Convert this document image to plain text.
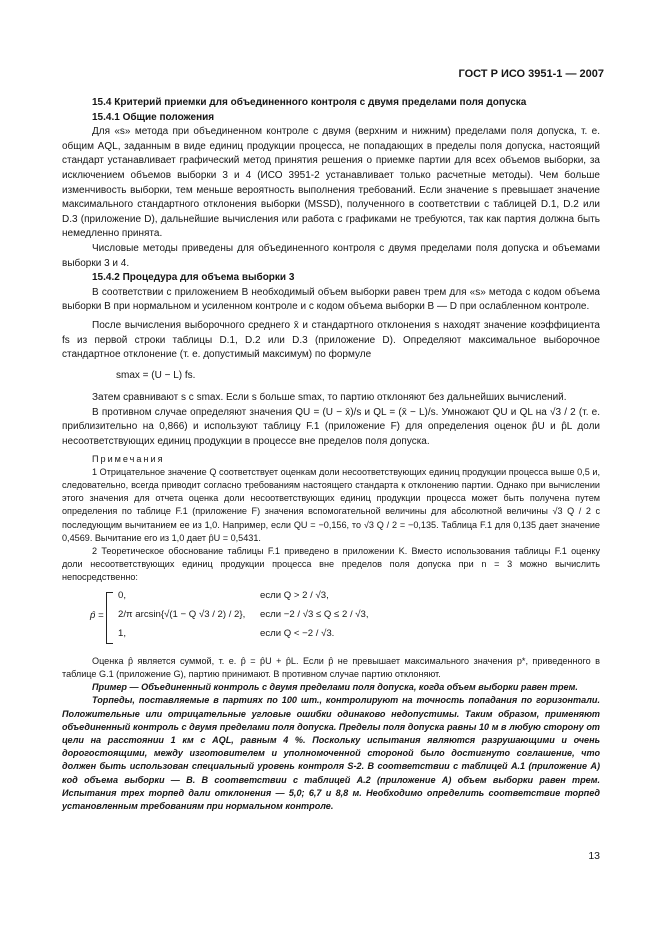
ГОСТ Р ИСО 3951-1 — 2007

15.4 Критерий приемки для объединенного контроля с двумя пределами поля допуска

15.4.1 Общие положения

Для «s» метода при объединенном контроле с двумя (верхним и нижним) пределами поля допуска, т. е. общим AQL, заданным в виде единиц продукции процесса, не попадающих в пределы поля допуска, настоящий стандарт устанавливает графический метод принятия решения о приемке партии для всех объемов выборки, за исключением объемов выборки 3 и 4 (ИСО 3951-2 устанавливает только расчетные методы). Чем больше изменчивость выборки, тем меньше вероятность выполнения требований. Если значение s превышает значение максимального стандартного отклонения выборки (MSSD), полученного в соответствии с таблицей D.1, D.2 или D.3 (приложение D), дальнейшие вычисления или работа с графиками не требуются, так как партия должна быть немедленно принята.

Числовые методы приведены для объединенного контроля с двумя пределами поля допуска и объемами выборки 3 и 4.

15.4.2 Процедура для объема выборки 3

В соответствии с приложением В необходимый объем выборки равен трем для «s» метода с кодом объема выборки В при нормальном и усиленном контроле и с кодом объема выборки В — D при ослабленном контроле.

После вычисления выборочного среднего x̄ и стандартного отклонения s находят значение коэффициента fs из первой строки таблицы D.1, D.2 или D.3 (приложение D). Определяют максимальное выборочное стандартное отклонение (т. е. допустимый максимум) по формуле

smax = (U − L) fs.

Затем сравнивают s с smax. Если s больше smax, то партию отклоняют без дальнейших вычислений.

В противном случае определяют значения QU = (U − x̄)/s и QL = (x̄ − L)/s. Умножают QU и QL на √3 / 2 (т. е. приблизительно на 0,866) и используют таблицу F.1 (приложение F) для определения оценок p̂U и p̂L доли несоответствующих единиц продукции в процессе вне пределов поля допуска.

Примечания

1 Отрицательное значение Q соответствует оценкам доли несоответствующих единиц продукции процесса выше 0,5 и, следовательно, всегда приводит согласно требованиям настоящего стандарта к отклонению партии. Однако при вычислении этого значения для отчета оценка доли несоответствующих единиц продукции процесса может быть получена путем определения по таблице F.1 (приложение F) значения вспомогательной величины для абсолютной величины √3 Q / 2 с последующим вычитанием ее из 1,0. Например, если QU = −0,156, то √3 Q / 2 = −0,135. Таблица F.1 для 0,135 дает значение 0,4569. Вычитание его из 1,0 дает p̂U = 0,5431.

2 Теоретическое обоснование таблицы F.1 приведено в приложении K. Вместо использования таблицы F.1 оценку доли несоответствующих единиц продукции процесса вне пределов поля допуска при n = 3 можно вычислить непосредственно:

p̂ =
0,	если Q > 2 / √3,
2/π arcsin{√(1 − Q √3 / 2) / 2}, если −2 / √3 ≤ Q ≤ 2 / √3,
1,	если Q < −2 / √3.

Оценка p̂ является суммой, т. е. p̂ = p̂U + p̂L. Если p̂ не превышает максимального значения p*, приведенного в таблице G.1 (приложение G), партию принимают. В противном случае партию отклоняют.

Пример — Объединенный контроль с двумя пределами поля допуска, когда объем выборки равен трем.

Торпеды, поставляемые в партиях по 100 шт., контролируют на точность попадания по горизонтали. Положительные или отрицательные угловые ошибки одинаково недопустимы. Таким образом, применяют объединенный контроль с двумя пределами поля допуска. Пределы поля допуска равны 10 м в любую сторону от цели на расстоянии 1 км с AQL, равным 4 %. Поскольку испытания являются разрушающими и очень дорогостоящими, между изготовителем и уполномоченной стороной было достигнуто соглашение, что должен быть использован специальный уровень контроля S-2. В соответствии с таблицей А.1 (приложение А) код объема выборки — В. В соответствии с таблицей А.2 (приложение А) объем выборки равен трем. Испытания трех торпед дали отклонения — 5,0; 6,7 и 8,8 м. Необходимо определить соответствие торпед установленным требованиям при нормальном контроле.

13
